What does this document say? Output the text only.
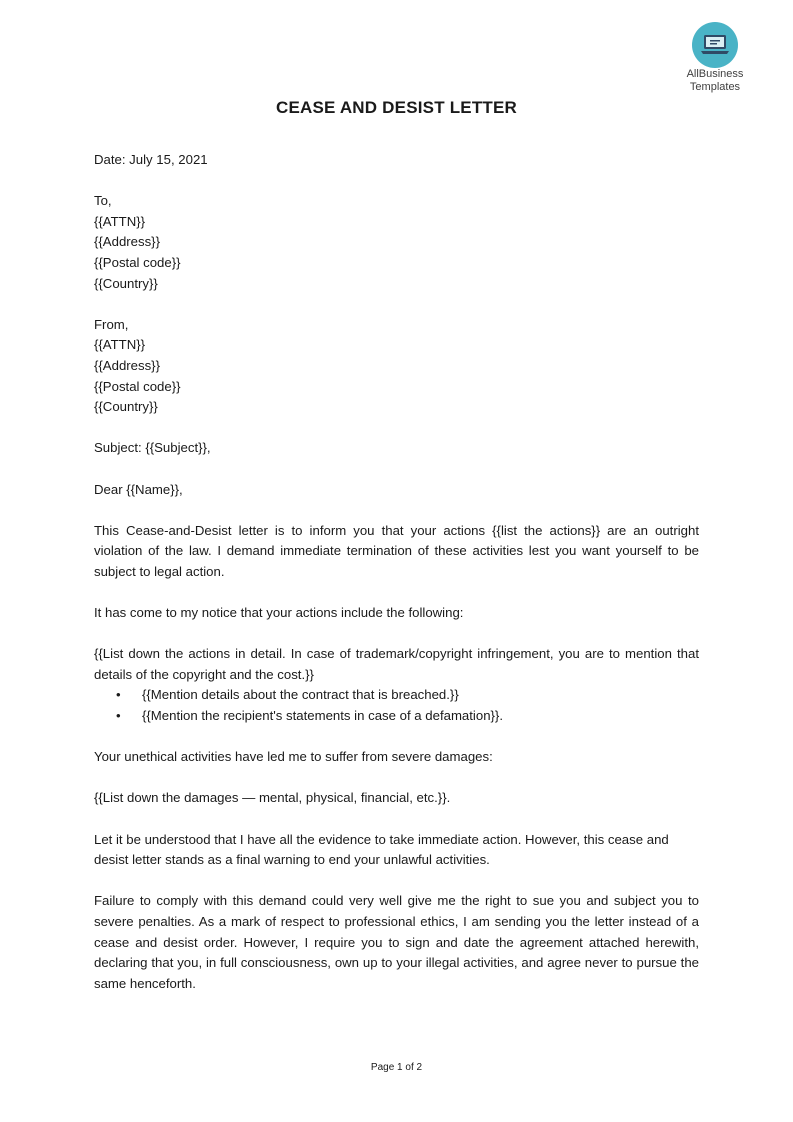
AllBusiness
Templates
CEASE AND DESIST LETTER

Date: July 15, 2021

To,
{{ATTN}}
{{Address}}
{{Postal code}}
{{Country}}
From,
{{ATTN}}
{{Address}}
{{Postal code}}
{{Country}}

Subject: {{Subject}},

Dear {{Name}},

This Cease-and-Desist letter is to inform you that your actions {{list the actions}} are an outright violation of the law. I demand immediate termination of these activities lest you want yourself to be subject to legal action.

It has come to my notice that your actions include the following:

{{List down the actions in detail. In case of trademark/copyright infringement, you are to mention that details of the copyright and the cost.}}
• {{Mention details about the contract that is breached.}}
• {{Mention the recipient's statements in case of a defamation}}.

Your unethical activities have led me to suffer from severe damages:

{{List down the damages — mental, physical, financial, etc.}}.

Let it be understood that I have all the evidence to take immediate action. However, this cease and desist letter stands as a final warning to end your unlawful activities.

Failure to comply with this demand could very well give me the right to sue you and subject you to severe penalties. As a mark of respect to professional ethics, I am sending you the letter instead of a cease and desist order. However, I require you to sign and date the agreement attached herewith, declaring that you, in full consciousness, own up to your illegal activities, and agree never to pursue the same henceforth.

Page 1 of 2
